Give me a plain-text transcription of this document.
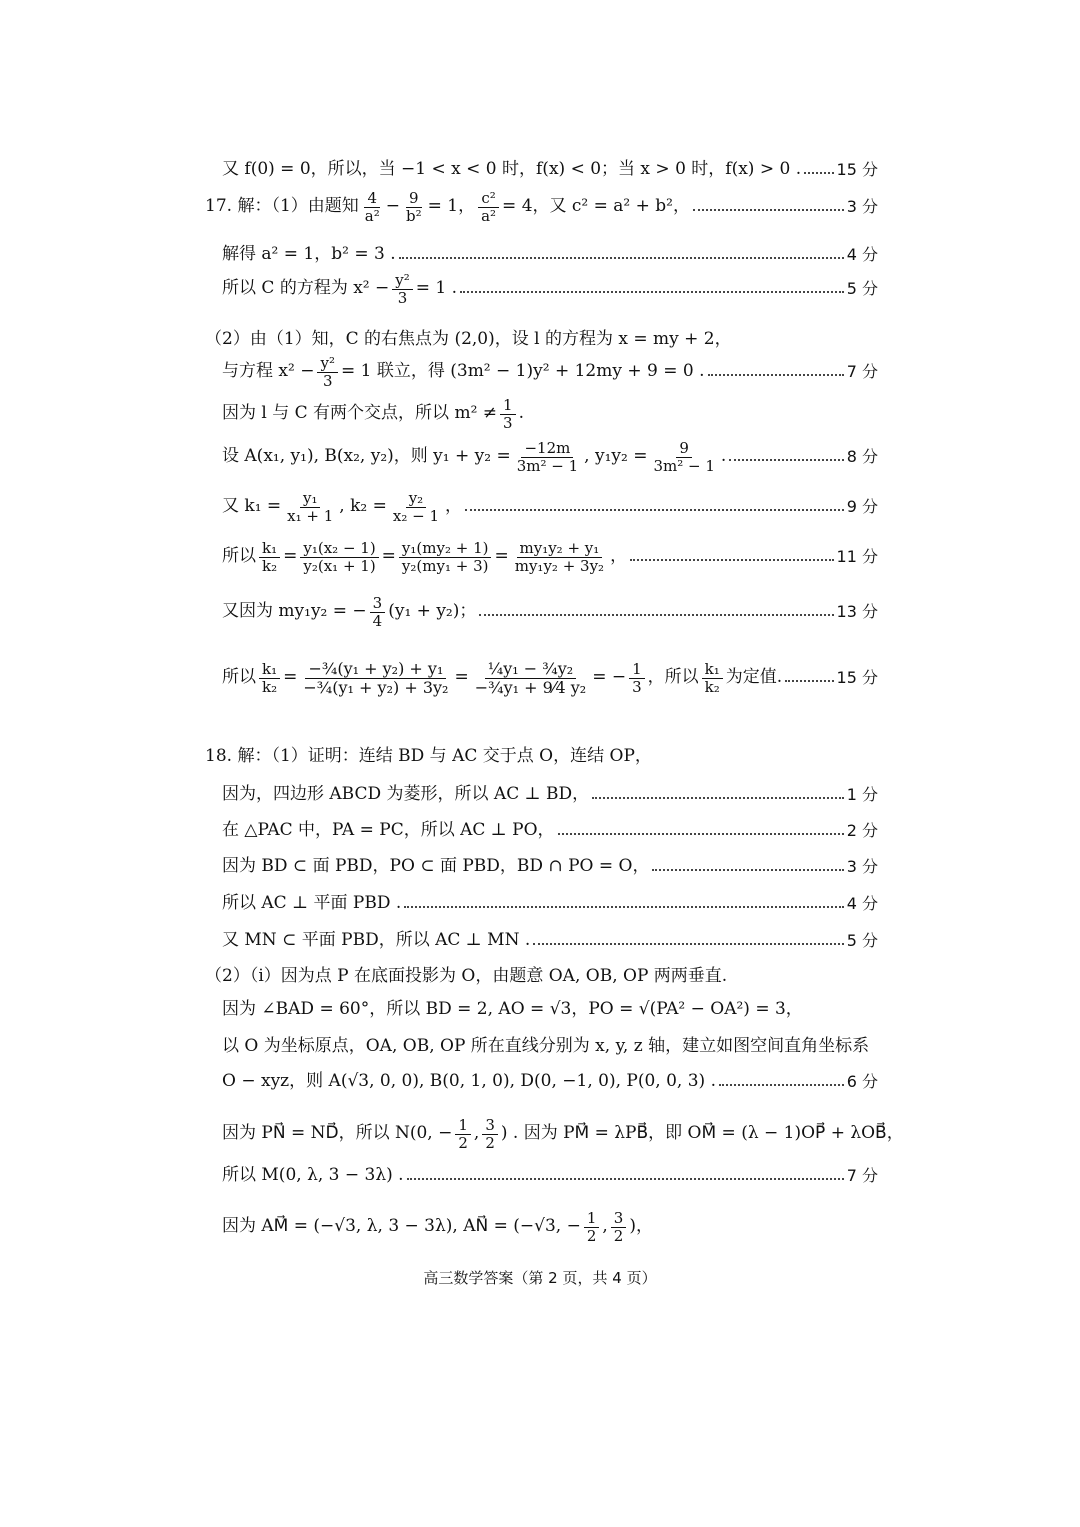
又 f(0) = 0，所以，当 −1 < x < 0 时，f(x) < 0；当 x > 0 时，f(x) > 0 . 15 分
17. 解：（1）由题知 $\frac{4}{\text{a²}} - \frac{9}{\text{b²}} = 1$， $\frac{\text{c²}}{\text{a²}} = 4$，又 c² = a² + b²，	3 分
解得 a² = 1，b² = 3 .	4 分
所以 C 的方程为 $x^2 - \frac{\text{y²}}{3} = 1$ .	5 分
（2）由（1）知，C 的右焦点为 (2,0)，设 l 的方程为 x = my + 2，
与方程 $x^2 - \frac{\text{y²}}{3} = 1$ 联立，得 (3m² − 1)y² + 12my + 9 = 0 .	7 分
因为 l 与 C 有两个交点，所以 $m^2 \ne \frac{1}{3}$ .
设 A(x₁, y₁), B(x₂, y₂)，则 $y_1 + y_2 = \frac{-12m}{\text{3m² − 1}}$ , $y_1y_2 = \frac{9}{\text{3m² − 1}}$ .	8 分
又 $k_1 = \frac{\text{y₁}}{\text{x₁ + 1}}$ , $k_2 = \frac{\text{y₂}}{\text{x₂ − 1}}$ ，	9 分
所以 $\frac{\text{k₁}}{\text{k₂}} = \frac{\text{y₁(x₂ − 1)}}{\text{y₂(x₁ + 1)}} = \frac{\text{y₁(my₂ + 1)}}{\text{y₂(my₁ + 3)}} = \frac{\text{my₁y₂ + y₁}}{\text{my₁y₂ + 3y₂}}$ ，	11 分
又因为 my₁y₂ = − $\frac{3}{4} (y_1 + y_2)$；	13 分
所以 $\frac{\text{k₁}}{\text{k₂}} = \frac{\text{−¾(y₁ + y₂) + y₁}}{\text{−¾(y₁ + y₂) + 3y₂}} = \frac{\text{¼y₁ − ¾y₂}}{\text{−¾y₁ + 9⁄4 y₂}}$ = − $\frac{1}{3}$ ，所以 $\frac{\text{k₁}}{\text{k₂}}$ 为定值.	15 分
18. 解：（1）证明：连结 BD 与 AC 交于点 O，连结 OP，
因为，四边形 ABCD 为菱形，所以 AC ⊥ BD，	1 分
在 △PAC 中，PA = PC，所以 AC ⊥ PO，	2 分
因为 BD ⊂ 面 PBD，PO ⊂ 面 PBD，BD ∩ PO = O，	3 分
所以 AC ⊥ 平面 PBD .	4 分
又 MN ⊂ 平面 PBD，所以 AC ⊥ MN .	5 分
（2）（ⅰ）因为点 P 在底面投影为 O，由题意 OA, OB, OP 两两垂直.
因为 ∠BAD = 60°，所以 BD = 2, AO = √3，PO = √(PA² − OA²) = 3，
以 O 为坐标原点，OA, OB, OP 所在直线分别为 x, y, z 轴，建立如图空间直角坐标系
O − xyz，则 A(√3, 0, 0), B(0, 1, 0), D(0, −1, 0), P(0, 0, 3) .	6 分
因为 PN⃗ = ND⃗，所以 N(0, − $\frac{1}{2}$ , $\frac{3}{2}$ ) . 因为 PM⃗ = λPB⃗，即 OM⃗ = (λ − 1)OP⃗ + λOB⃗，
所以 M(0, λ, 3 − 3λ) .	7 分
因为 AM⃗ = (−√3, λ, 3 − 3λ), AN⃗ = (−√3, − $\frac{1}{2}$ , $\frac{3}{2}$ )，
高三数学答案（第 2 页，共 4 页）
